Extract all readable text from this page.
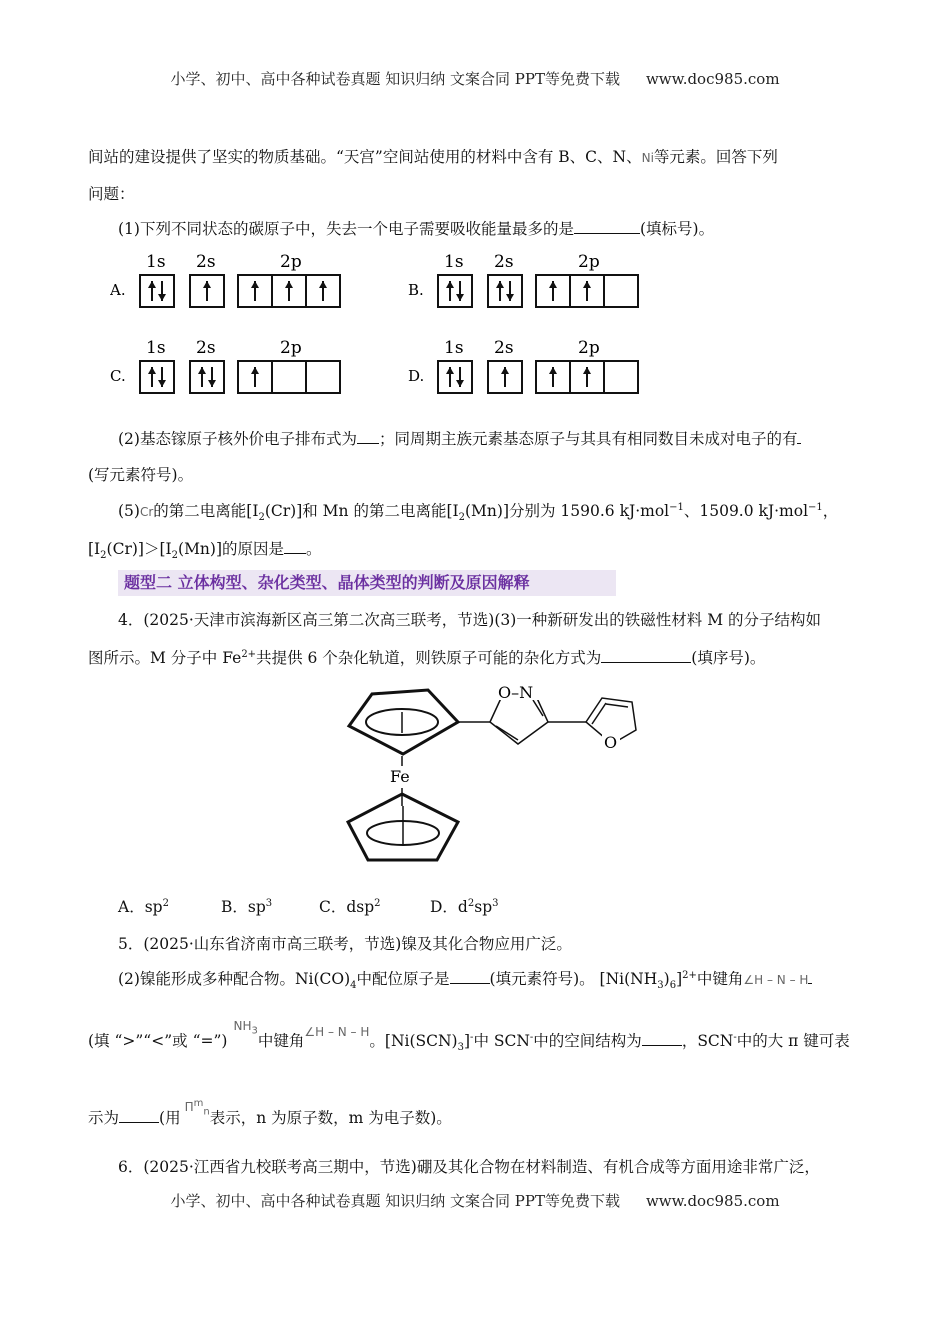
小学、初中、高中各种试卷真题 知识归纳 文案合同 PPT等免费下载 www.doc985.com
间站的建设提供了坚实的物质基础。“天宫”空间站使用的材料中含有 B、C、N、Ni等元素。回答下列
问题：
(1)下列不同状态的碳原子中，失去一个电子需要吸收能量最多的是	(填标号)。
A.
1s 2s	2p
B.
1s 2s	2p
C.
1s 2s	2p
D.
1s 2s	2p
(2)基态镓原子核外价电子排布式为 ；同周期主族元素基态原子与其具有相同数目未成对电子的有
(写元素符号)。
(5)Cr的第二电离能$[I_2(Cr)]$和 Mn 的第二电离能$[I_2(Mn)]$分别为 1590.6 kJ·mol$^{-1}$、1509.0 kJ·mol$^{-1}$，
$[I_2(Cr)]>[I_2(Mn)]$的原因是 。
题型二 立体构型、杂化类型、晶体类型的判断及原因解释
4．(2025·天津市滨海新区高三第二次高三联考，节选)(3)一种新研发出的铁磁性材料 M 的分子结构如
图所示。M 分子中 $Fe^{2+}$共提供 6 个杂化轨道，则铁原子可能的杂化方式为	(填序号)。
Fe
O–N
O
A．$sp^2$	B．$sp^3$	C．dsp$^2$	D．$d^2sp^3$
5．(2025·山东省济南市高三联考，节选)镍及其化合物应用广泛。
(2)镍能形成多种配合物。$Ni(CO)_4$中配位原子是	(填元素符号)。 $[Ni(NH_3)_6]^{2+}$中键角∠H – N – H
(填 “>”“<”或 “=”)$^{NH_3}$中键角$^{\angle H - N - H}$。$[Ni(SCN)_3]^-$中 SCN-中的空间结构为	，SCN-中的大 π 键可表
示为	(用$^{\Pi^m_n}$表示，n 为原子数，m 为电子数)。
6．(2025·江西省九校联考高三期中，节选)硼及其化合物在材料制造、有机合成等方面用途非常广泛，
小学、初中、高中各种试卷真题 知识归纳 文案合同 PPT等免费下载 www.doc985.com
